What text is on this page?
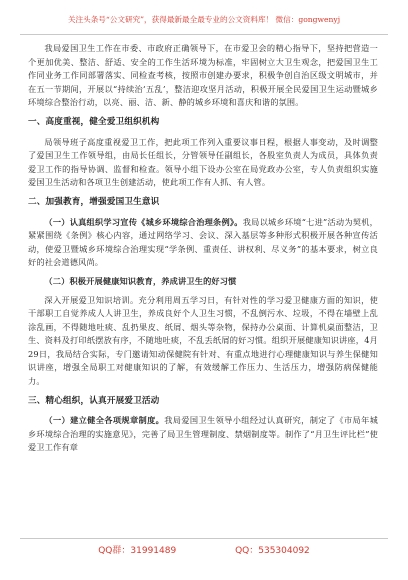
关注头条号“公文研究”，获得最新最全最专业的公文资料库！ 微信：gongwenyj

我局爱国卫生工作在市委、市政府正确领导下，在市爱卫会的精心指导下，坚持把营造一个更加优美、整洁、舒适、安全的工作生活环境为标准，牢固树立大卫生观念，把爱国卫生工作同业务工作同部署落实、同检查考核，按照市创建办要求，积极争创自治区级文明城市，并在五一节期间，开展以“持续治‘五乱’，整洁迎攻坚月活动，积极开展全民爱国卫生运动暨城乡环境综合整治行动，以亮、丽、洁、新、静的城乡环境和喜庆和谐的氛围。

一、高度重视，健全爱卫组织机构

局领导班子高度重视爱卫工作，把此项工作列入重要议事日程，根据人事变动，及时调整了爱国卫生工作领导组，由局长任组长，分管领导任副组长，各股室负责人为成员，具体负责爱卫工作的指导协调、监督和检查。领导小组下设办公室在局党政办公室，专人负责组织实施爱国卫生活动和各项卫生创建活动，使此项工作有人抓、有人管。

二、加强教育，增强爱国卫生意识

（一）认真组织学习宣传《城乡环境综合治理条例》。我局以城乡环境“七进”活动为契机，紧紧围绕《条例》核心内容，通过网络学习、会议、深入基层等多种形式积极开展各种宣传活动，使爱卫暨城乡环境综合治理实现“学条例、重责任、讲权利、尽义务”的基本要求，树立良好的社会道德风尚。

（二）积极开展健康知识教育，养成讲卫生的好习惯

深入开展爱卫知识培训。充分利用周五学习日，有针对性的学习爱卫健康方面的知识，使干部职工自觉养成人人讲卫生，养成良好个人卫生习惯，不乱倒污水、垃圾，不得在墙壁上乱涂乱画，不得随地吐痰、乱扔果皮、纸屑、烟头等杂物，保持办公桌面、计算机桌面整洁，卫生、资料及打印纸摆放有序，不随地吐痰，不乱丢纸屑的好习惯。组织开展健康知识讲座，4月29日，我局结合实际，专门邀请知动保健院有针对、有重点地进行心理健康知识与养生保健知识讲座，增强全局职工对健康知识的了解，有效缓解工作压力、生活压力，增强防病保健能力。

三、精心组织，认真开展爱卫活动

（一）建立健全各项规章制度。我局爱国卫生领导小组经过认真研究，制定了《市局年城乡环境综合治理的实施意见》，完善了局卫生管理制度、禁烟制度等。制作了“月卫生评比栏”使爱卫工作有章

QQ群：31991489	QQ：535304092
